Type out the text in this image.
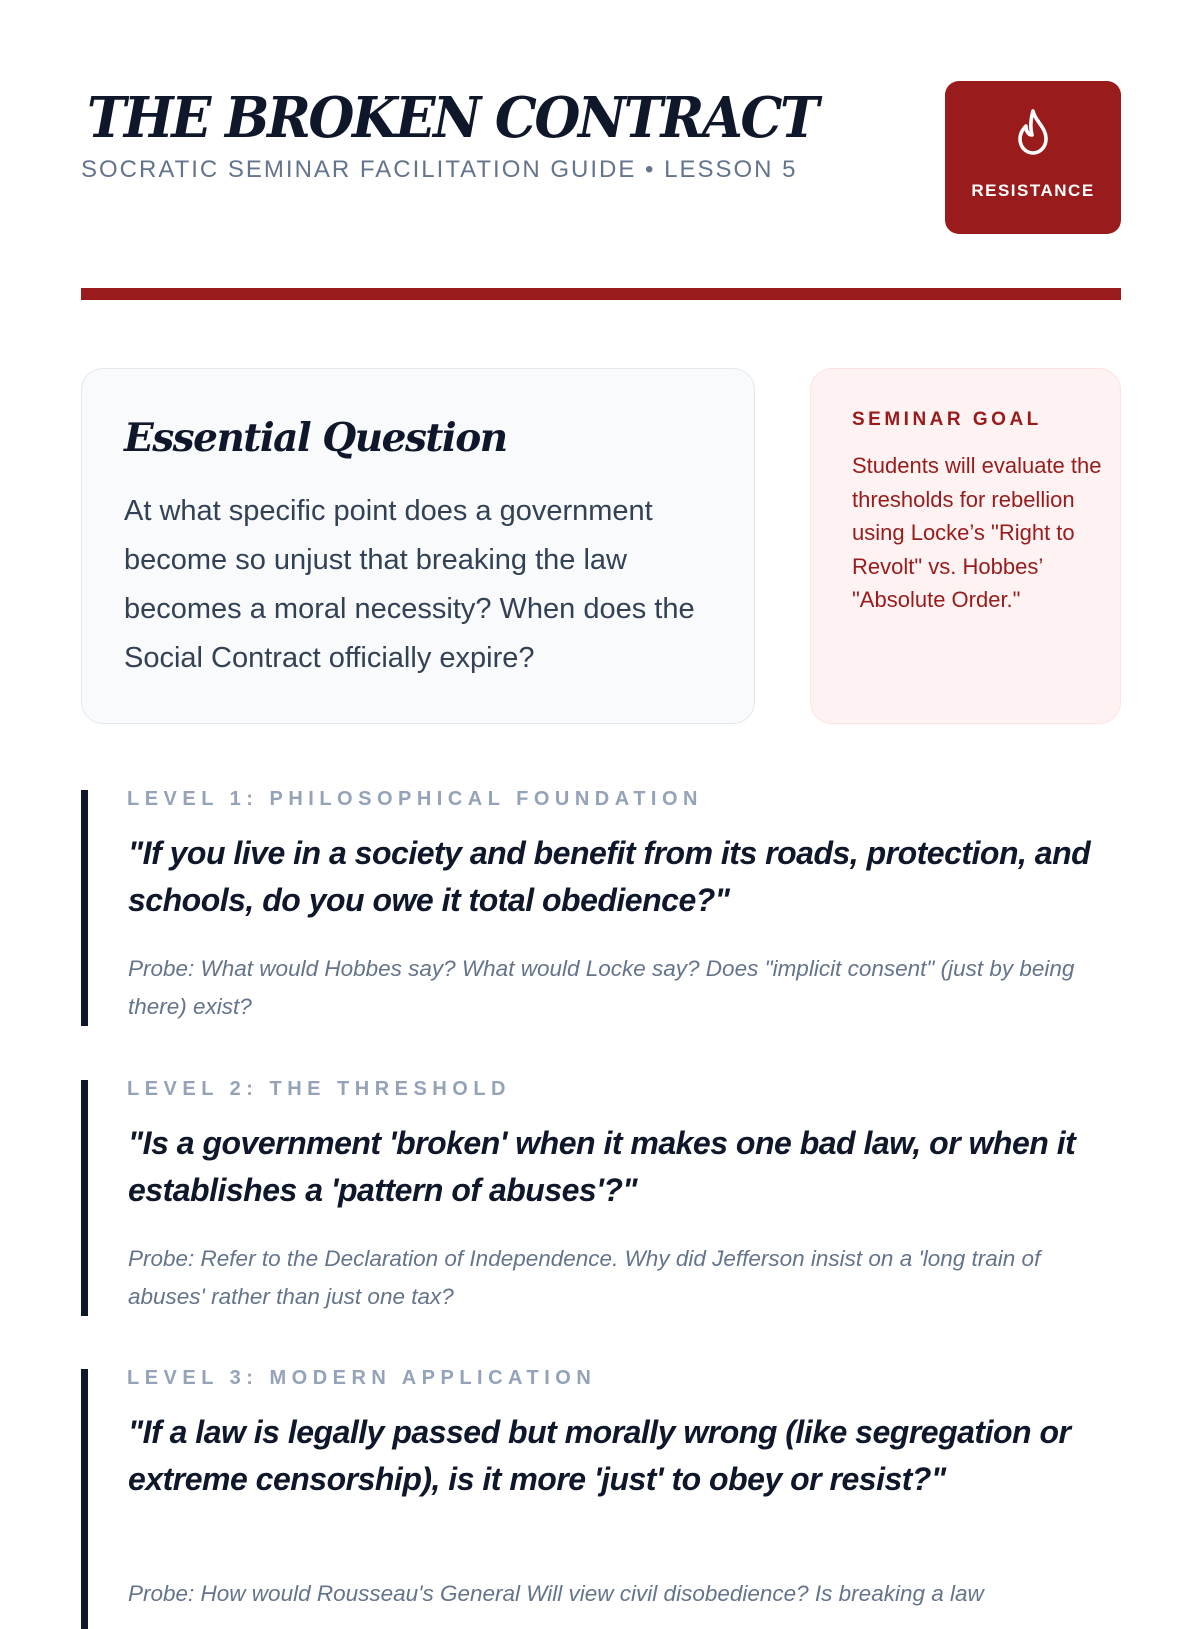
THE BROKEN CONTRACT
SOCRATIC SEMINAR FACILITATION GUIDE • LESSON 5
RESISTANCE
Essential Question

At what specific point does a government become so unjust that breaking the law becomes a moral necessity? When does the Social Contract officially expire?

SEMINAR GOAL

Students will evaluate the thresholds for rebellion using Locke’s "Right to Revolt" vs. Hobbes’ "Absolute Order."

LEVEL 1: PHILOSOPHICAL FOUNDATION

"If you live in a society and benefit from its roads, protection, and schools, do you owe it total obedience?"

Probe: What would Hobbes say? What would Locke say? Does "implicit consent" (just by being there) exist?

LEVEL 2: THE THRESHOLD

"Is a government 'broken' when it makes one bad law, or when it establishes a 'pattern of abuses'?"

Probe: Refer to the Declaration of Independence. Why did Jefferson insist on a 'long train of abuses' rather than just one tax?

LEVEL 3: MODERN APPLICATION

"If a law is legally passed but morally wrong (like segregation or extreme censorship), is it more 'just' to obey or resist?"

Probe: How would Rousseau's General Will view civil disobedience? Is breaking a law
